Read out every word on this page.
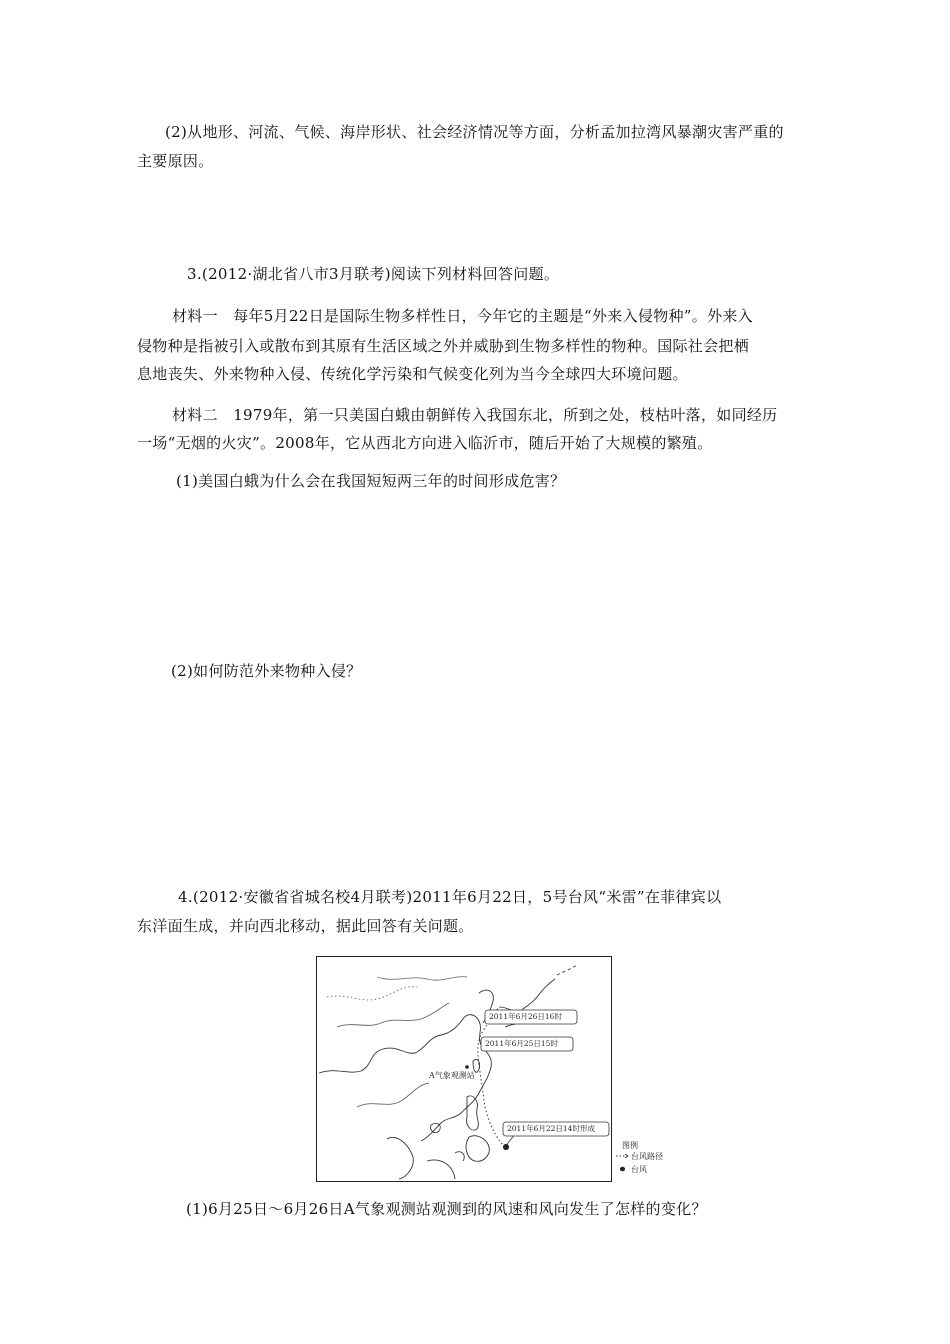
(2)从地形、河流、气候、海岸形状、社会经济情况等方面，分析孟加拉湾风暴潮灾害严重的
主要原因。
3.(2012·湖北省八市3月联考)阅读下列材料回答问题。
材料一　每年5月22日是国际生物多样性日，今年它的主题是“外来入侵物种”。外来入
侵物种是指被引入或散布到其原有生活区域之外并威胁到生物多样性的物种。国际社会把栖
息地丧失、外来物种入侵、传统化学污染和气候变化列为当今全球四大环境问题。
材料二　1979年，第一只美国白蛾由朝鲜传入我国东北，所到之处，枝枯叶落，如同经历
一场“无烟的火灾”。2008年，它从西北方向进入临沂市，随后开始了大规模的繁殖。
(1)美国白蛾为什么会在我国短短两三年的时间形成危害？
(2)如何防范外来物种入侵？
4.(2012·安徽省省城名校4月联考)2011年6月22日，5号台风“米雷”在菲律宾以
东洋面生成，并向西北移动，据此回答有关问题。
2011年6月26日16时
2011年6月25日15时
2011年6月22日14时形成
A气象观测站
图例
台风路径
台风
(1)6月25日～6月26日A气象观测站观测到的风速和风向发生了怎样的变化？
